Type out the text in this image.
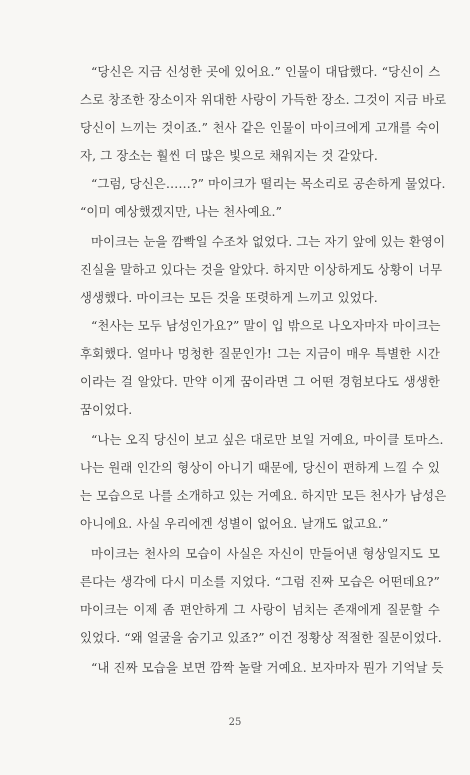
“당신은 지금 신성한 곳에 있어요.” 인물이 대답했다. “당신이 스
스로 창조한 장소이자 위대한 사랑이 가득한 장소. 그것이 지금 바로
당신이 느끼는 것이죠.” 천사 같은 인물이 마이크에게 고개를 숙이
자, 그 장소는 훨씬 더 많은 빛으로 채워지는 것 같았다.
“그럼, 당신은……?” 마이크가 떨리는 목소리로 공손하게 물었다.
“이미 예상했겠지만, 나는 천사예요.”
마이크는 눈을 깜빡일 수조차 없었다. 그는 자기 앞에 있는 환영이
진실을 말하고 있다는 것을 알았다. 하지만 이상하게도 상황이 너무
생생했다. 마이크는 모든 것을 또렷하게 느끼고 있었다.
“천사는 모두 남성인가요?” 말이 입 밖으로 나오자마자 마이크는
후회했다. 얼마나 멍청한 질문인가! 그는 지금이 매우 특별한 시간
이라는 걸 알았다. 만약 이게 꿈이라면 그 어떤 경험보다도 생생한
꿈이었다.
“나는 오직 당신이 보고 싶은 대로만 보일 거예요, 마이클 토마스.
나는 원래 인간의 형상이 아니기 때문에, 당신이 편하게 느낄 수 있
는 모습으로 나를 소개하고 있는 거예요. 하지만 모든 천사가 남성은
아니에요. 사실 우리에겐 성별이 없어요. 날개도 없고요.”
마이크는 천사의 모습이 사실은 자신이 만들어낸 형상일지도 모
른다는 생각에 다시 미소를 지었다. “그럼 진짜 모습은 어떤데요?”
마이크는 이제 좀 편안하게 그 사랑이 넘치는 존재에게 질문할 수
있었다. “왜 얼굴을 숨기고 있죠?” 이건 정황상 적절한 질문이었다.
“내 진짜 모습을 보면 깜짝 놀랄 거예요. 보자마자 뭔가 기억날 듯
25
